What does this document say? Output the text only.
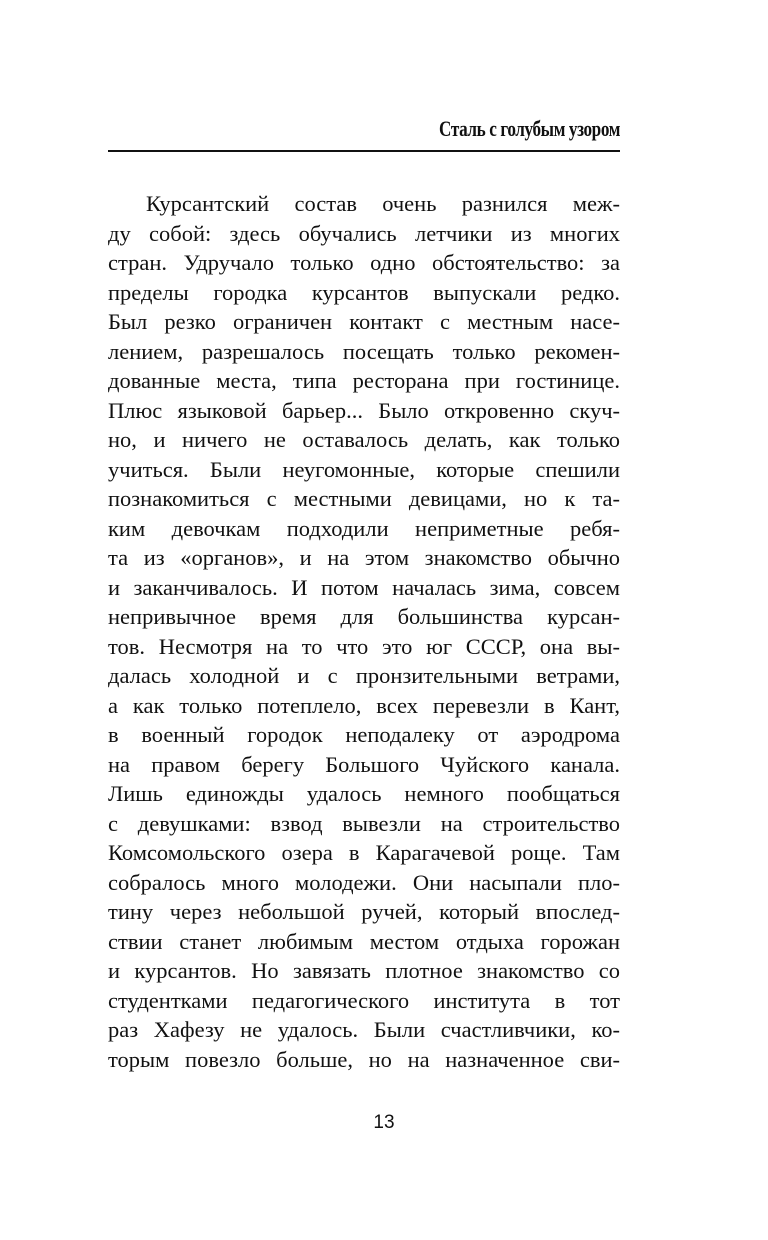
Сталь с голубым узором
Курсантский состав очень разнился меж-
ду собой: здесь обучались летчики из многих
стран. Удручало только одно обстоятельство: за
пределы городка курсантов выпускали редко.
Был резко ограничен контакт с местным насе-
лением, разрешалось посещать только рекомен-
дованные места, типа ресторана при гостинице.
Плюс языковой барьер... Было откровенно скуч-
но, и ничего не оставалось делать, как только
учиться. Были неугомонные, которые спешили
познакомиться с местными девицами, но к та-
ким девочкам подходили неприметные ребя-
та из «органов», и на этом знакомство обычно
и заканчивалось. И потом началась зима, совсем
непривычное время для большинства курсан-
тов. Несмотря на то что это юг СССР, она вы-
далась холодной и с пронзительными ветрами,
а как только потеплело, всех перевезли в Кант,
в военный городок неподалеку от аэродрома
на правом берегу Большого Чуйского канала.
Лишь единожды удалось немного пообщаться
с девушками: взвод вывезли на строительство
Комсомольского озера в Карагачевой роще. Там
собралось много молодежи. Они насыпали пло-
тину через небольшой ручей, который впослед-
ствии станет любимым местом отдыха горожан
и курсантов. Но завязать плотное знакомство со
студентками педагогического института в тот
раз Хафезу не удалось. Были счастливчики, ко-
торым повезло больше, но на назначенное сви-
13
